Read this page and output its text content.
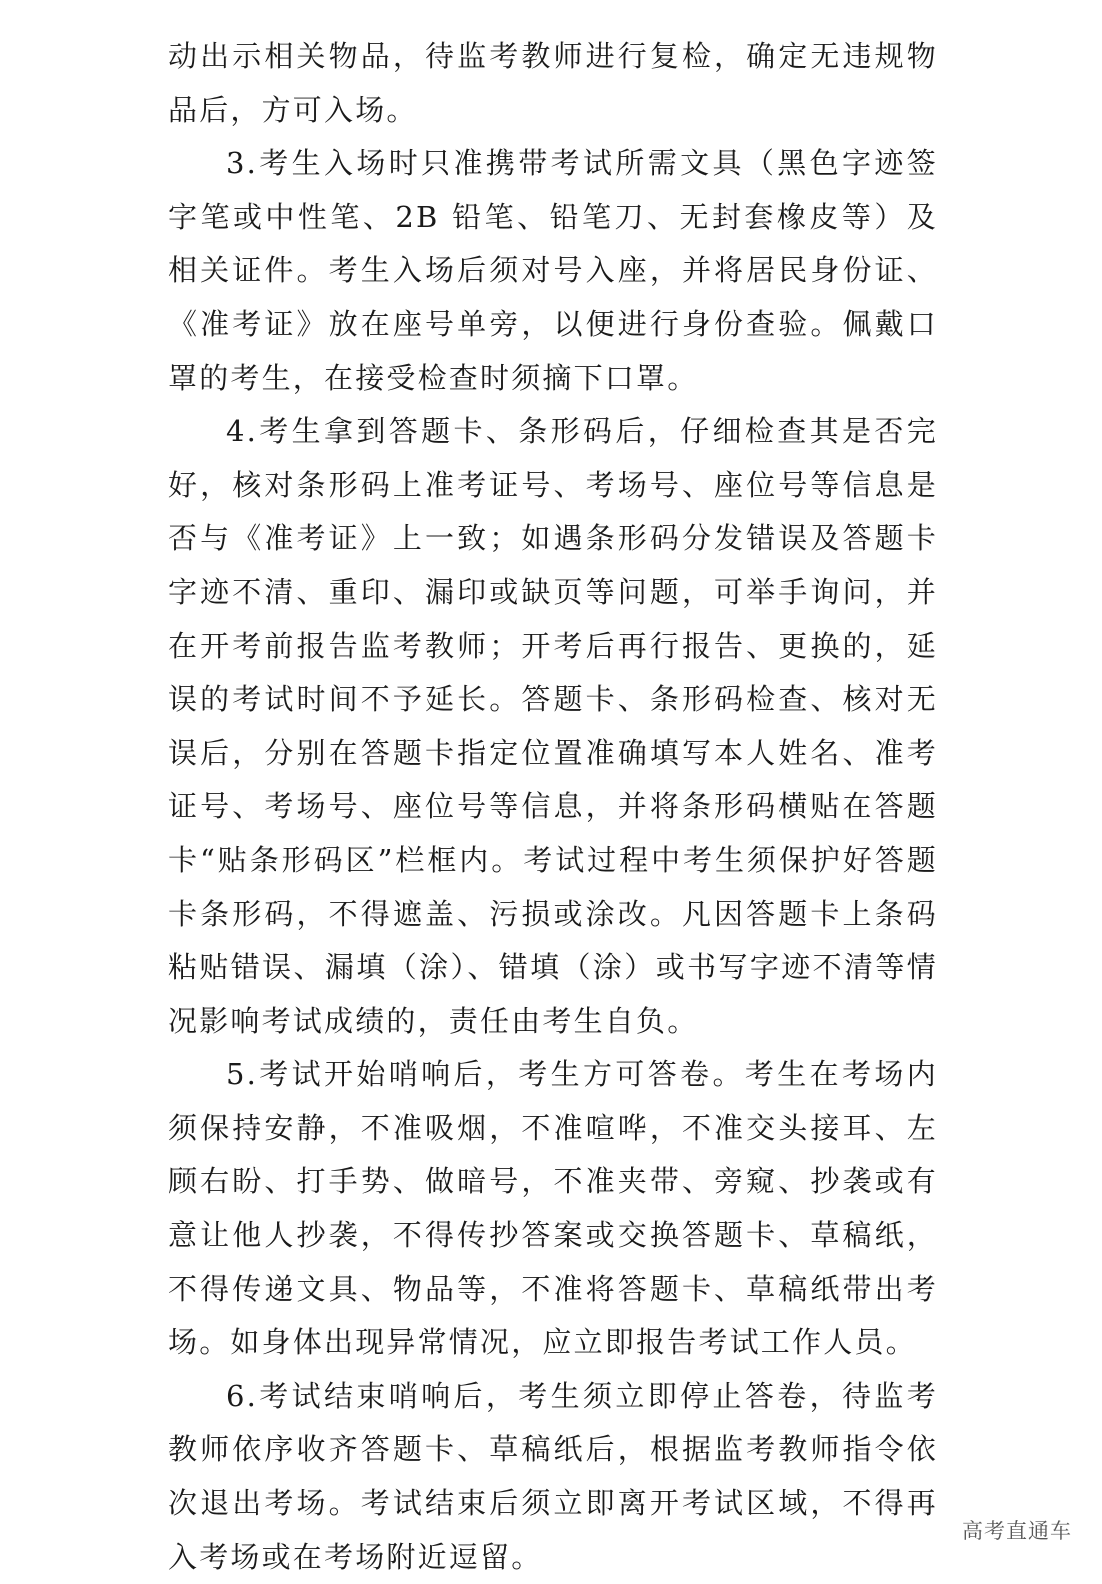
动出示相关物品，待监考教师进行复检，确定无违规物品后，方可入场。

3.考生入场时只准携带考试所需文具（黑色字迹签字笔或中性笔、2B 铅笔、铅笔刀、无封套橡皮等）及相关证件。考生入场后须对号入座，并将居民身份证、《准考证》放在座号单旁，以便进行身份查验。佩戴口罩的考生，在接受检查时须摘下口罩。

4.考生拿到答题卡、条形码后，仔细检查其是否完好，核对条形码上准考证号、考场号、座位号等信息是否与《准考证》上一致；如遇条形码分发错误及答题卡字迹不清、重印、漏印或缺页等问题，可举手询问，并在开考前报告监考教师；开考后再行报告、更换的，延误的考试时间不予延长。答题卡、条形码检查、核对无误后，分别在答题卡指定位置准确填写本人姓名、准考证号、考场号、座位号等信息，并将条形码横贴在答题卡“贴条形码区”栏框内。考试过程中考生须保护好答题卡条形码，不得遮盖、污损或涂改。凡因答题卡上条码粘贴错误、漏填（涂）、错填（涂）或书写字迹不清等情况影响考试成绩的，责任由考生自负。

5.考试开始哨响后，考生方可答卷。考生在考场内须保持安静，不准吸烟，不准喧哗，不准交头接耳、左顾右盼、打手势、做暗号，不准夹带、旁窥、抄袭或有意让他人抄袭，不得传抄答案或交换答题卡、草稿纸，不得传递文具、物品等，不准将答题卡、草稿纸带出考场。如身体出现异常情况，应立即报告考试工作人员。

6.考试结束哨响后，考生须立即停止答卷，待监考教师依序收齐答题卡、草稿纸后，根据监考教师指令依次退出考场。考试结束后须立即离开考试区域，不得再入考场或在考场附近逗留。

高考直通车
